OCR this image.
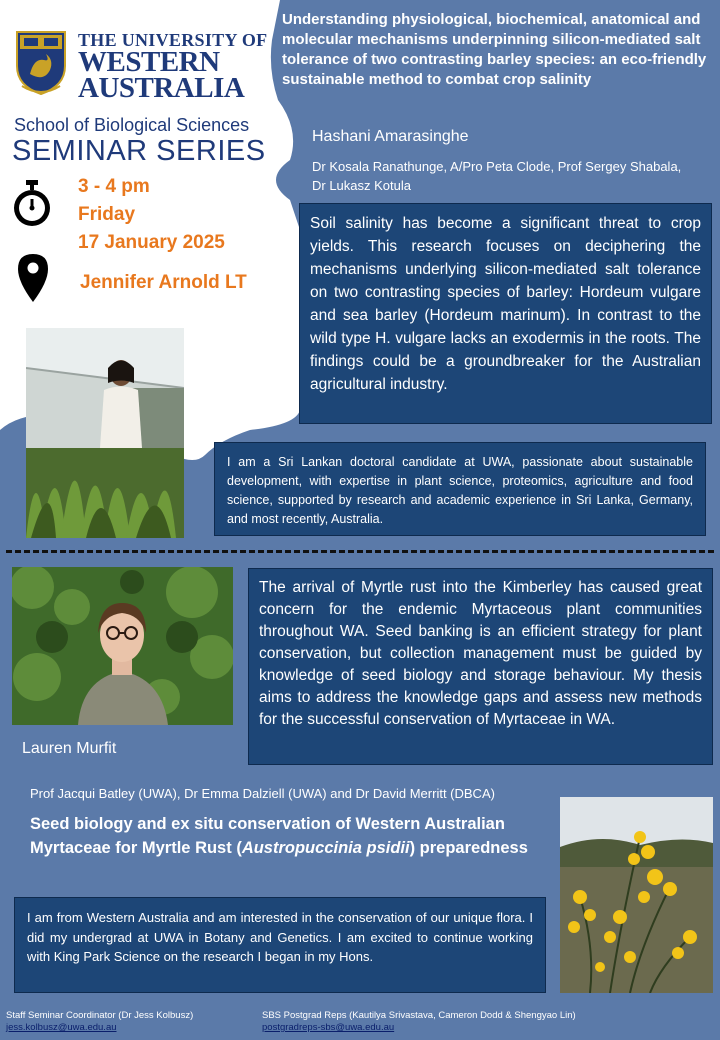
THE UNIVERSITY OF
WESTERN
AUSTRALIA
School of Biological Sciences
SEMINAR SERIES
3 - 4 pm
Friday
17 January 2025
Jennifer Arnold LT
Understanding physiological, biochemical, anatomical and molecular mechanisms underpinning silicon-mediated salt tolerance of two contrasting barley species: an eco-friendly sustainable method to combat crop salinity
Hashani Amarasinghe
Dr Kosala Ranathunge, A/Pro Peta Clode, Prof Sergey Shabala, Dr Lukasz Kotula
Soil salinity has become a significant threat to crop yields. This research focuses on deciphering the mechanisms underlying silicon-mediated salt tolerance on two contrasting species of barley: Hordeum vulgare and sea barley (Hordeum marinum). In contrast to the wild type H. vulgare lacks an exodermis in the roots. The findings could be a groundbreaker for the Australian agricultural industry.
I am a Sri Lankan doctoral candidate at UWA, passionate about sustainable development, with expertise in plant science, proteomics, agriculture and food science, supported by research and academic experience in Sri Lanka, Germany, and most recently, Australia.
The arrival of Myrtle rust into the Kimberley has caused great concern for the endemic Myrtaceous plant communities throughout WA. Seed banking is an efficient strategy for plant conservation, but collection management must be guided by knowledge of seed biology and storage behaviour. My thesis aims to address the knowledge gaps and assess new methods for the successful conservation of Myrtaceae in WA.
Lauren Murfit
Prof Jacqui Batley (UWA), Dr Emma Dalziell (UWA) and Dr David Merritt (DBCA)
Seed biology and ex situ conservation of Western Australian Myrtaceae for Myrtle Rust (Austropuccinia psidii) preparedness
I am from Western Australia and am interested in the conservation of our unique flora. I did my undergrad at UWA in Botany and Genetics. I am excited to continue working with King Park Science on the research I began in my Hons.
Staff Seminar Coordinator (Dr Jess Kolbusz)
jess.kolbusz@uwa.edu.au
SBS Postgrad Reps (Kautilya Srivastava, Cameron Dodd & Shengyao Lin)
postgradreps-sbs@uwa.edu.au
